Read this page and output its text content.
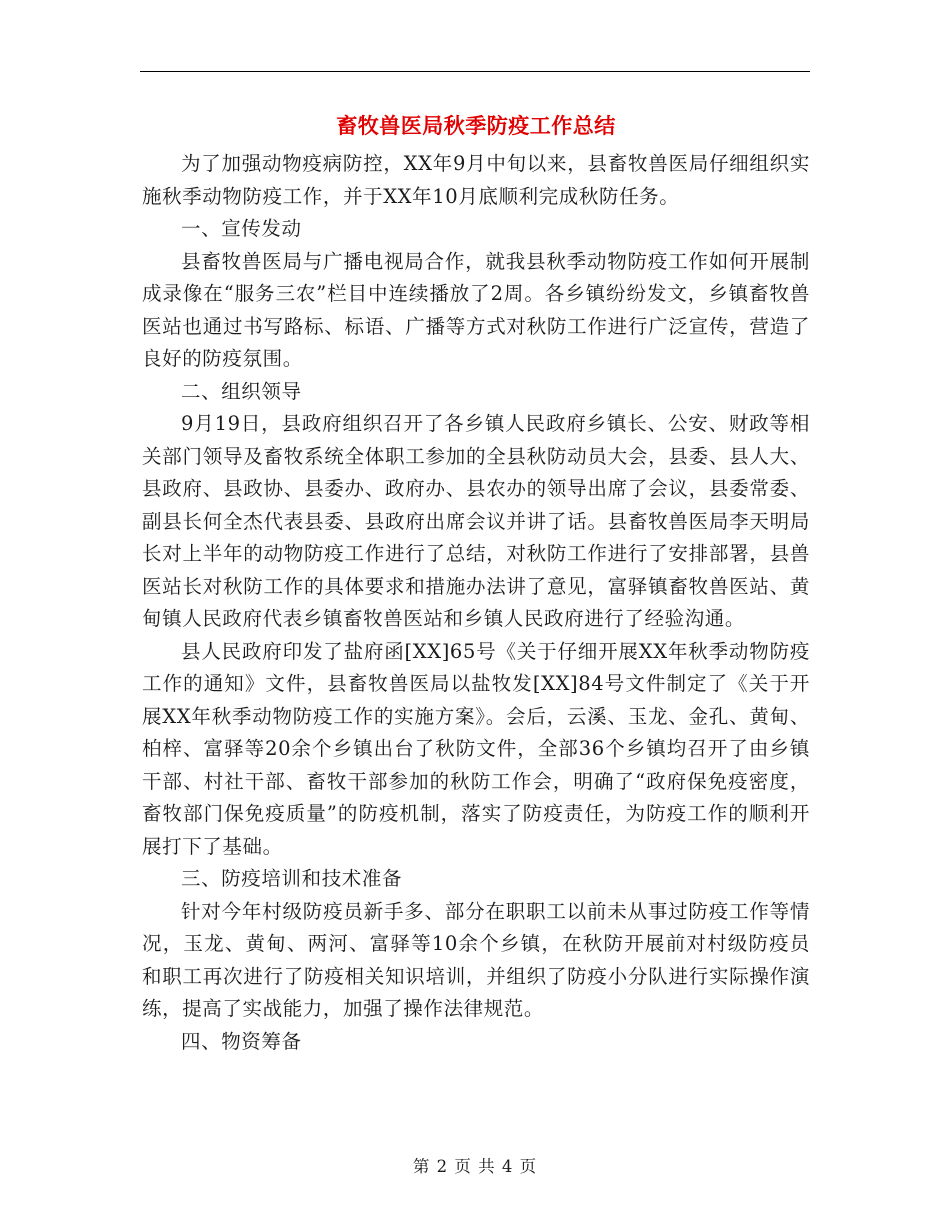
畜牧兽医局秋季防疫工作总结

为了加强动物疫病防控，XX年9月中旬以来，县畜牧兽医局仔细组织实施秋季动物防疫工作，并于XX年10月底顺利完成秋防任务。

一、宣传发动

县畜牧兽医局与广播电视局合作，就我县秋季动物防疫工作如何开展制成录像在“服务三农”栏目中连续播放了2周。各乡镇纷纷发文，乡镇畜牧兽医站也通过书写路标、标语、广播等方式对秋防工作进行广泛宣传，营造了良好的防疫氛围。

二、组织领导

9月19日，县政府组织召开了各乡镇人民政府乡镇长、公安、财政等相关部门领导及畜牧系统全体职工参加的全县秋防动员大会，县委、县人大、县政府、县政协、县委办、政府办、县农办的领导出席了会议，县委常委、副县长何全杰代表县委、县政府出席会议并讲了话。县畜牧兽医局李天明局长对上半年的动物防疫工作进行了总结，对秋防工作进行了安排部署，县兽医站长对秋防工作的具体要求和措施办法讲了意见，富驿镇畜牧兽医站、黄甸镇人民政府代表乡镇畜牧兽医站和乡镇人民政府进行了经验沟通。

县人民政府印发了盐府函[XX]65号《关于仔细开展XX年秋季动物防疫工作的通知》文件，县畜牧兽医局以盐牧发[XX]84号文件制定了《关于开展XX年秋季动物防疫工作的实施方案》。会后，云溪、玉龙、金孔、黄甸、柏梓、富驿等20余个乡镇出台了秋防文件，全部36个乡镇均召开了由乡镇干部、村社干部、畜牧干部参加的秋防工作会，明确了“政府保免疫密度，畜牧部门保免疫质量”的防疫机制，落实了防疫责任，为防疫工作的顺利开展打下了基础。

三、防疫培训和技术准备

针对今年村级防疫员新手多、部分在职职工以前未从事过防疫工作等情况，玉龙、黄甸、两河、富驿等10余个乡镇，在秋防开展前对村级防疫员和职工再次进行了防疫相关知识培训，并组织了防疫小分队进行实际操作演练，提高了实战能力，加强了操作法律规范。

四、物资筹备

第 2 页 共 4 页
